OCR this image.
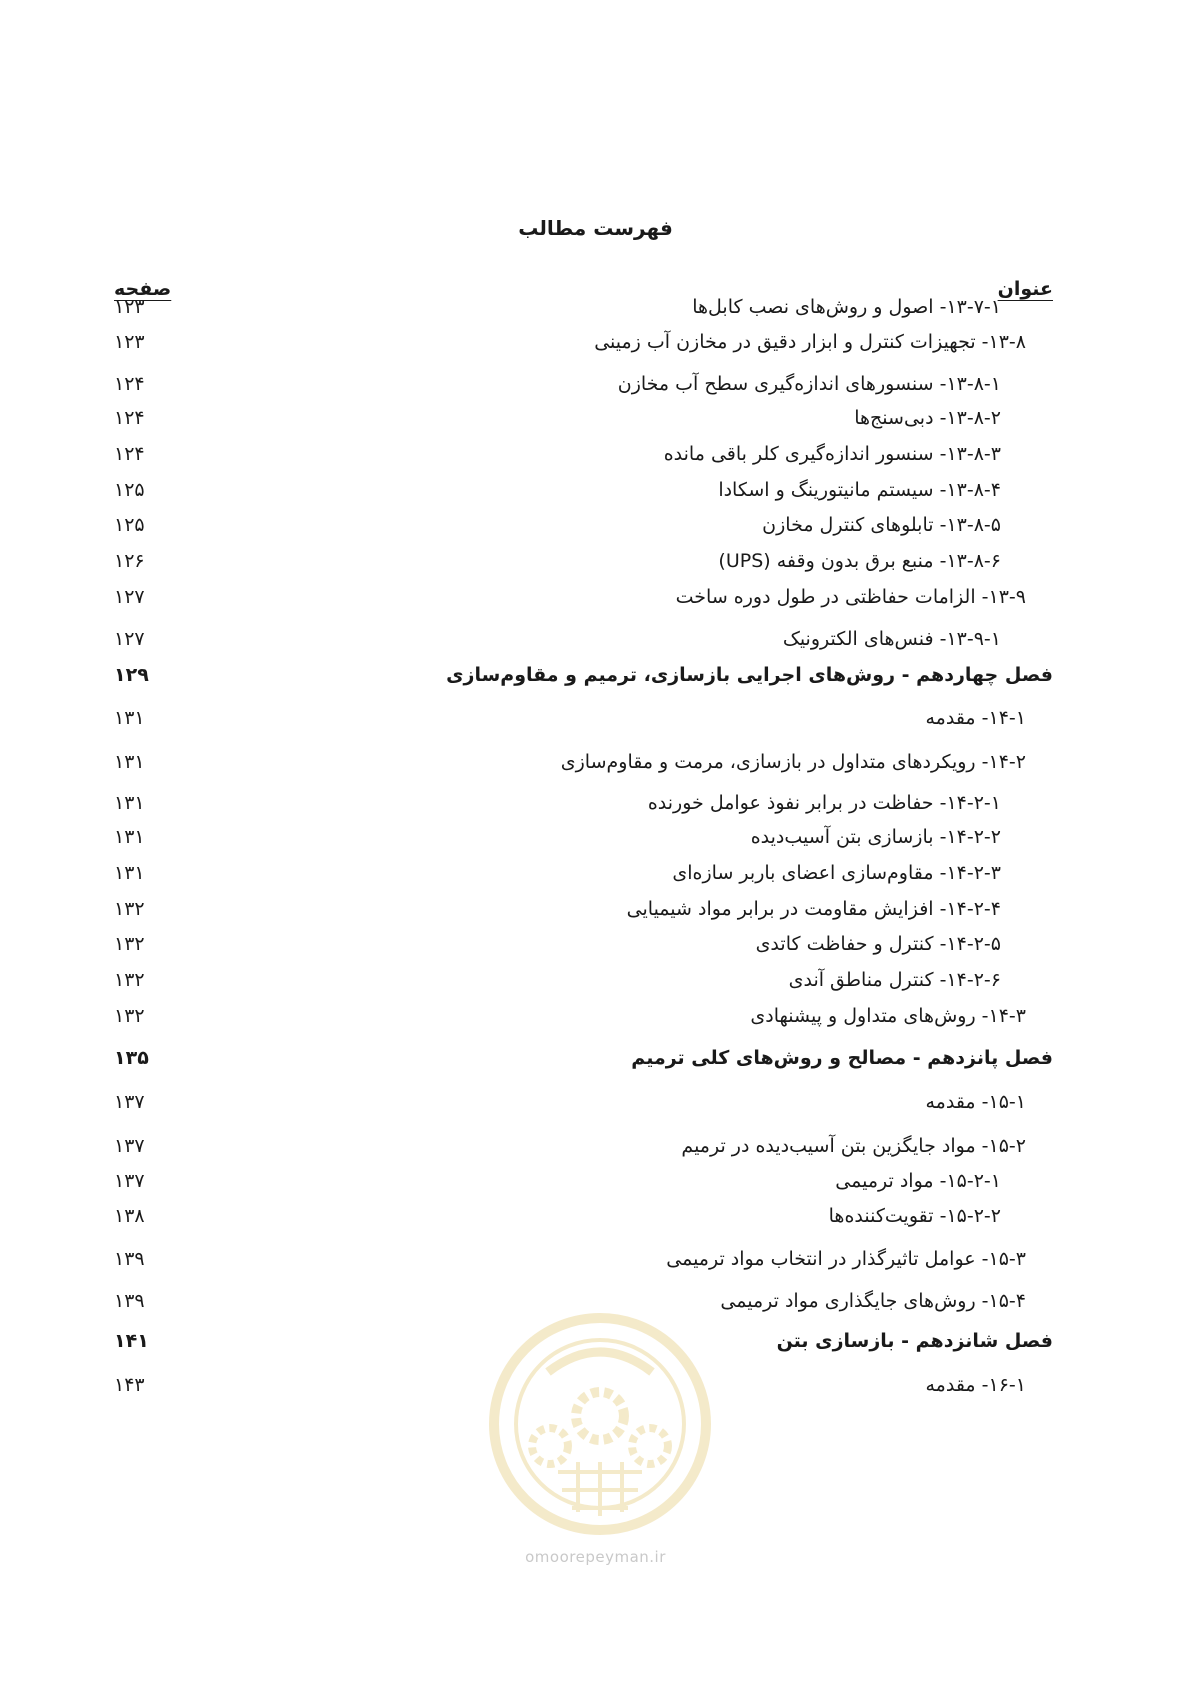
فهرست مطالب
عنوان
صفحه
۱۳-۷-۱- اصول و روش‌های نصب کابل‌ها
۱۲۳
۱۳-۸- تجهیزات کنترل و ابزار دقیق در مخازن آب زمینی
۱۲۳
۱۳-۸-۱- سنسورهای اندازه‌گیری سطح آب مخازن
۱۲۴
۱۳-۸-۲- دبی‌سنج‌ها
۱۲۴
۱۳-۸-۳- سنسور اندازه‌گیری کلر باقی مانده
۱۲۴
۱۳-۸-۴- سیستم مانیتورینگ و اسکادا
۱۲۵
۱۳-۸-۵- تابلوهای کنترل مخازن
۱۲۵
۱۳-۸-۶- منبع برق بدون وقفه (UPS)
۱۲۶
۱۳-۹- الزامات حفاظتی در طول دوره ساخت
۱۲۷
۱۳-۹-۱- فنس‌های الکترونیک
۱۲۷
فصل چهاردهم - روش‌های اجرایی بازسازی، ترمیم و مقاوم‌سازی
۱۲۹
۱۴-۱- مقدمه
۱۳۱
۱۴-۲- رویکردهای متداول در بازسازی، مرمت و مقاوم‌سازی
۱۳۱
۱۴-۲-۱- حفاظت در برابر نفوذ عوامل خورنده
۱۳۱
۱۴-۲-۲- بازسازی بتن آسیب‌دیده
۱۳۱
۱۴-۲-۳- مقاوم‌سازی اعضای باربر سازه‌ای
۱۳۱
۱۴-۲-۴- افزایش مقاومت در برابر مواد شیمیایی
۱۳۲
۱۴-۲-۵- کنترل و حفاظت کاتدی
۱۳۲
۱۴-۲-۶- کنترل مناطق آندی
۱۳۲
۱۴-۳- روش‌های متداول و پیشنهادی
۱۳۲
فصل پانزدهم - مصالح و روش‌های کلی ترمیم
۱۳۵
۱۵-۱- مقدمه
۱۳۷
۱۵-۲- مواد جایگزین بتن آسیب‌دیده در ترمیم
۱۳۷
۱۵-۲-۱- مواد ترمیمی
۱۳۷
۱۵-۲-۲- تقویت‌کننده‌ها
۱۳۸
۱۵-۳- عوامل تاثیرگذار در انتخاب مواد ترمیمی
۱۳۹
۱۵-۴- روش‌های جایگذاری مواد ترمیمی
۱۳۹
فصل شانزدهم - بازسازی بتن
۱۴۱
۱۶-۱- مقدمه
۱۴۳
omoorepeyman.ir
